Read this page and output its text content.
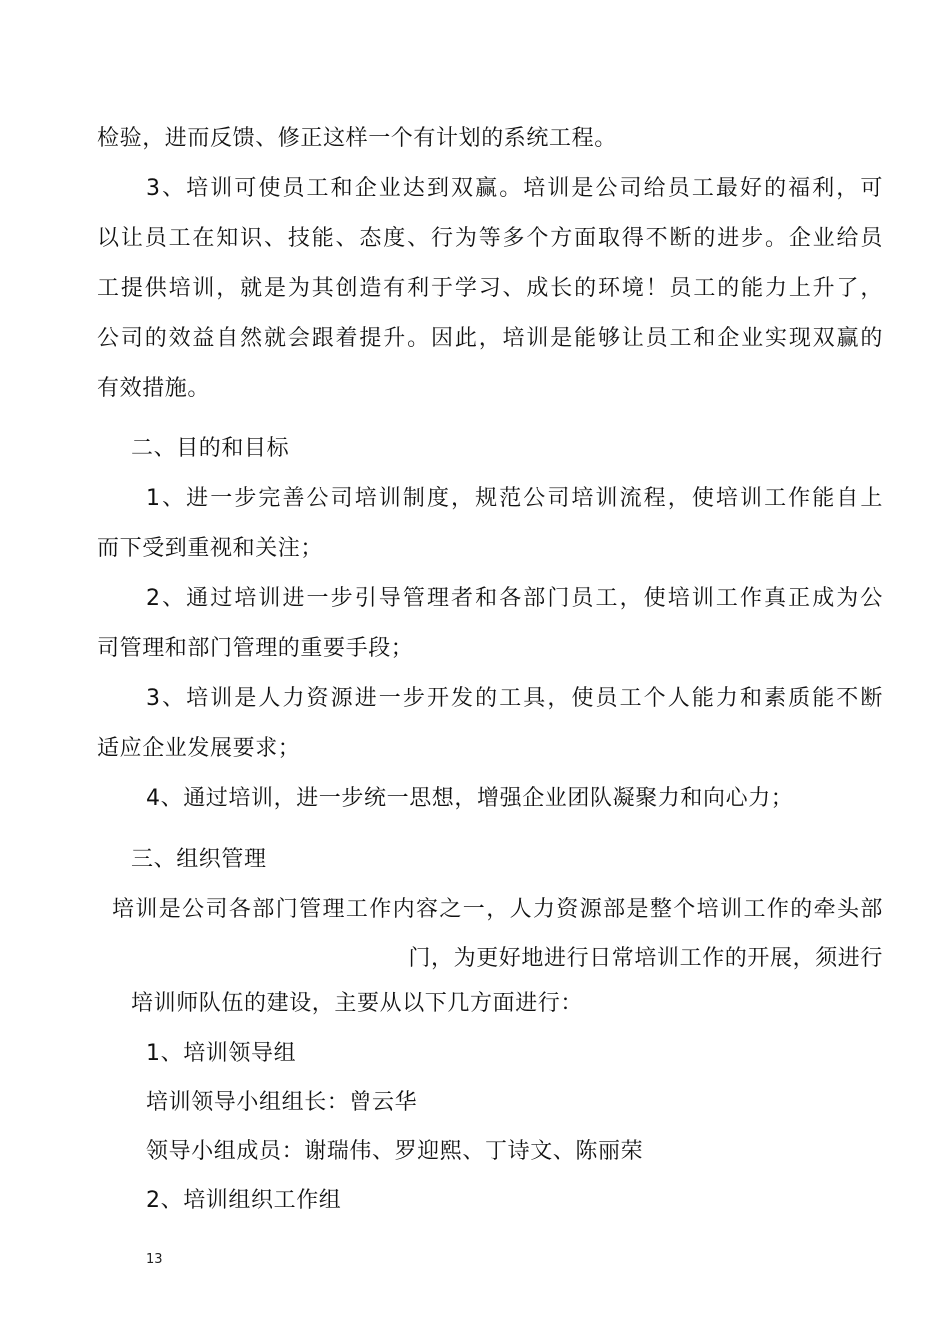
检验，进而反馈、修正这样一个有计划的系统工程。
3、培训可使员工和企业达到双赢。培训是公司给员工最好的福利，可
以让员工在知识、技能、态度、行为等多个方面取得不断的进步。企业给员
工提供培训，就是为其创造有利于学习、成长的环境！员工的能力上升了，
公司的效益自然就会跟着提升。因此，培训是能够让员工和企业实现双赢的
有效措施。
二、目的和目标
1、进一步完善公司培训制度，规范公司培训流程，使培训工作能自上
而下受到重视和关注；
2、通过培训进一步引导管理者和各部门员工，使培训工作真正成为公
司管理和部门管理的重要手段；
3、培训是人力资源进一步开发的工具，使员工个人能力和素质能不断
适应企业发展要求；
4、通过培训，进一步统一思想，增强企业团队凝聚力和向心力；
三、组织管理
培训是公司各部门管理工作内容之一，人力资源部是整个培训工作的牵头部
门，为更好地进行日常培训工作的开展，须进行
培训师队伍的建设，主要从以下几方面进行：
1、培训领导组
培训领导小组组长：曾云华
领导小组成员：谢瑞伟、罗迎熙、丁诗文、陈丽荣
2、培训组织工作组
13
